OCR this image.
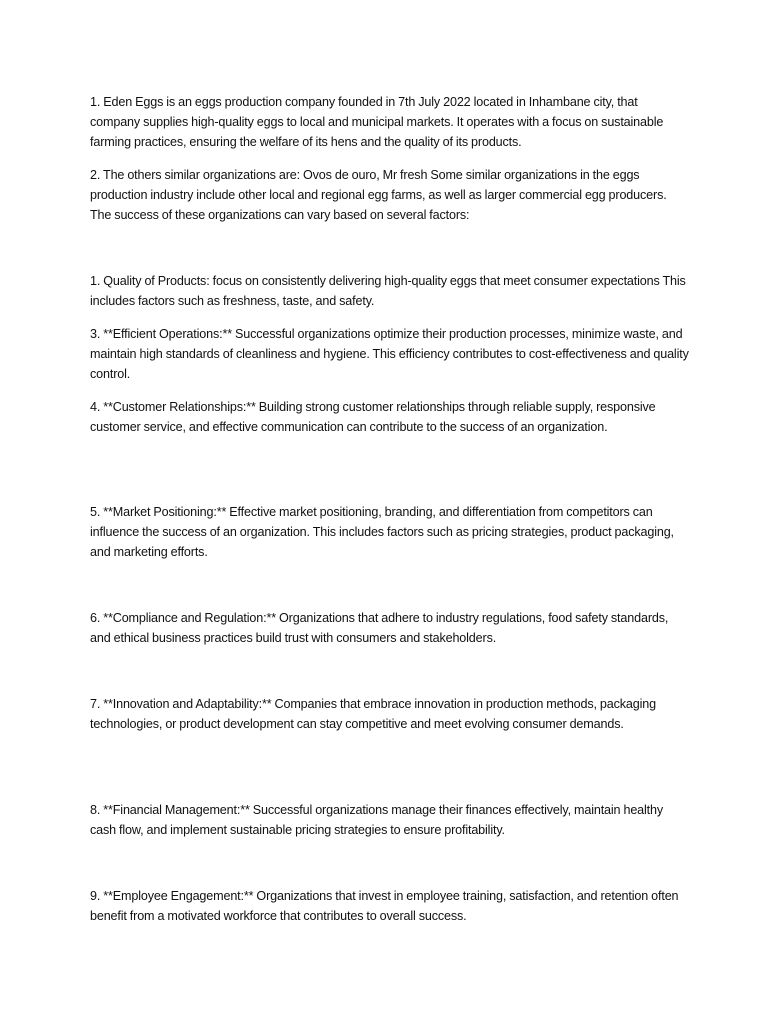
1. Eden Eggs is an eggs production company founded in 7th July 2022 located in Inhambane city, that company supplies high-quality eggs to local and municipal markets. It operates with a focus on sustainable farming practices, ensuring the welfare of its hens and the quality of its products.

2. The others similar organizations are: Ovos de ouro, Mr fresh Some similar organizations in the eggs production industry include other local and regional egg farms, as well as larger commercial egg producers. The success of these organizations can vary based on several factors:

1. Quality of Products: focus on consistently delivering high-quality eggs that meet consumer expectations This includes factors such as freshness, taste, and safety.

3. **Efficient Operations:** Successful organizations optimize their production processes, minimize waste, and maintain high standards of cleanliness and hygiene. This efficiency contributes to cost-effectiveness and quality control.

4. **Customer Relationships:** Building strong customer relationships through reliable supply, responsive customer service, and effective communication can contribute to the success of an organization.

5. **Market Positioning:** Effective market positioning, branding, and differentiation from competitors can influence the success of an organization. This includes factors such as pricing strategies, product packaging, and marketing efforts.

6. **Compliance and Regulation:** Organizations that adhere to industry regulations, food safety standards, and ethical business practices build trust with consumers and stakeholders.

7. **Innovation and Adaptability:** Companies that embrace innovation in production methods, packaging technologies, or product development can stay competitive and meet evolving consumer demands.

8. **Financial Management:** Successful organizations manage their finances effectively, maintain healthy cash flow, and implement sustainable pricing strategies to ensure profitability.

9. **Employee Engagement:** Organizations that invest in employee training, satisfaction, and retention often benefit from a motivated workforce that contributes to overall success.
